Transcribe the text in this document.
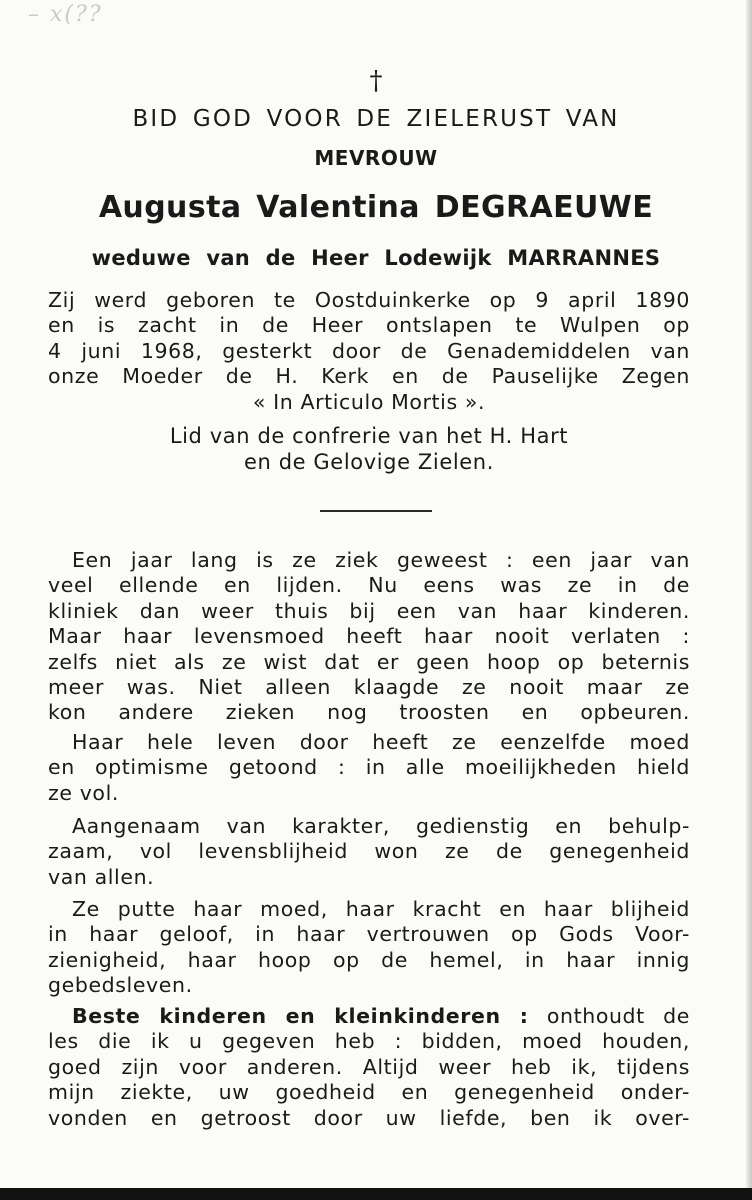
– x(??
†
BID GOD VOOR DE ZIELERUST VAN
MEVROUW
Augusta Valentina DEGRAEUWE
weduwe van de Heer Lodewijk MARRANNES
Zij werd geboren te Oostduinkerke op 9 april 1890
en is zacht in de Heer ontslapen te Wulpen op
4 juni 1968, gesterkt door de Genademiddelen van
onze Moeder de H. Kerk en de Pauselijke Zegen
« In Articulo Mortis ».
Lid van de confrerie van het H. Hart
en de Gelovige Zielen.
Een jaar lang is ze ziek geweest : een jaar van
veel ellende en lijden. Nu eens was ze in de
kliniek dan weer thuis bij een van haar kinderen.
Maar haar levensmoed heeft haar nooit verlaten :
zelfs niet als ze wist dat er geen hoop op beternis
meer was. Niet alleen klaagde ze nooit maar ze
kon andere zieken nog troosten en opbeuren.
Haar hele leven door heeft ze eenzelfde moed
en optimisme getoond : in alle moeilijkheden hield
ze vol.
Aangenaam van karakter, gedienstig en behulp-
zaam, vol levensblijheid won ze de genegenheid
van allen.
Ze putte haar moed, haar kracht en haar blijheid
in haar geloof, in haar vertrouwen op Gods Voor-
zienigheid, haar hoop op de hemel, in haar innig
gebedsleven.
Beste kinderen en kleinkinderen : onthoudt de
les die ik u gegeven heb : bidden, moed houden,
goed zijn voor anderen. Altijd weer heb ik, tijdens
mijn ziekte, uw goedheid en genegenheid onder-
vonden en getroost door uw liefde, ben ik over-
